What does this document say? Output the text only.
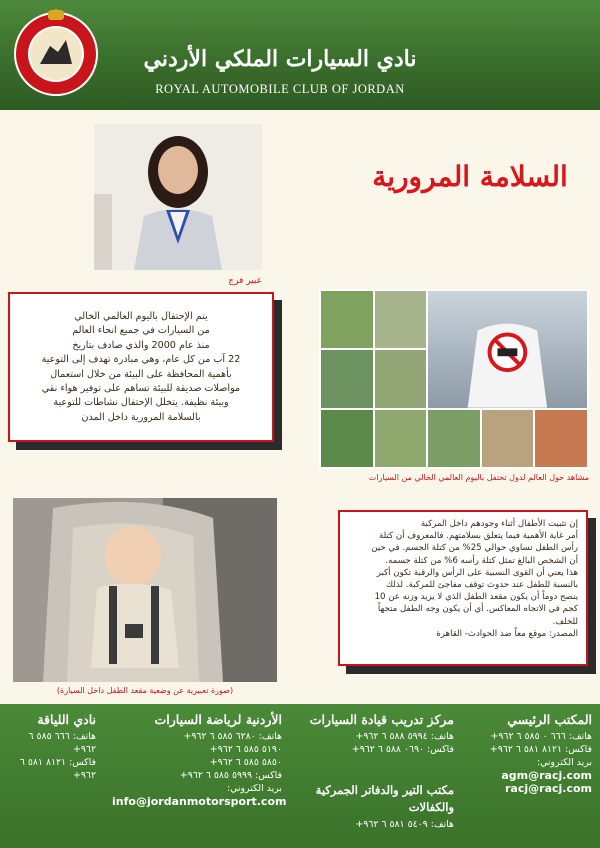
نادي السيارات الملكي الأردني
ROYAL AUTOMOBILE CLUB OF JORDAN
عبير فرج
السلامة المرورية

يتم الإحتفال باليوم العالمي الخالي
من السيارات في جميع انحاء العالم
منذ عام 2000 والذي صادف بتاريخ
22 آب من كل عام، وهي مبادرة تهدف إلى التوعية
بأهمية المحافظة على البيئة من خلال استعمال
مواصلات صديقة للبيئة تساهم على توفير هواء نقي
وبيئة نظيفة. يتخلل الإحتفال نشاطات للتوعية
بالسلامة المرورية داخل المدن

مشاهد حول العالم لدول تحتفل باليوم العالمي الخالي من السيارات
(صورة تعبيرية عن وضعية مقعد الطفل داخل السيارة)

إن تثبيت الأطفال أثناء وجودهم داخل المركبة
أمر غاية الأهمية فيما يتعلق بسلامتهم. فالمعروف أن كتلة
رأس الطفل تساوي حوالي 25% من كتلة الجسم. في حين
أن الشخص البالغ تمثل كتلة رأسه 6% من كتلة جسمه.
هذا يعني أن القوى النسبية على الرأس والرقبة تكون أكبر
بالنسبة للطفل عند حدوث توقف مفاجئ للمركبة. لذلك
ينصح دوماً أن يكون مقعد الطفل الذي لا يزيد وزنه عن 10
كجم في الاتجاه المعاكس. أي أن يكون وجه الطفل متجهاً
للخلف.
المصدر: موقع معاً ضد الحوادث- القاهرة

المكتب الرئيسي
هاتف: ٦٦٦ ٠ ٥٨٥ ٦ ٩٦٢+
فاكس: ٨١٢١ ٥٨١ ٦ ٩٦٢+
بريد الكتروني:
agm@racj.com
racj@racj.com
مركز تدريب قيادة السيارات
هاتف: ٥٩٩٤ ٥٨٨ ٦ ٩٦٢+
فاكس: ٠٦٩٠ ٥٨٨ ٦ ٩٦٢+
مكتب التير والدفاتر الجمركية والكفالات
هاتف: ٥٤٠٩ ٥٨١ ٦ ٩٦٢+
الأردنية لرياضة السيارات
هاتف: ٦٢٨٠ ٥٨٥ ٦ ٩٦٢+
٥١٩٠ ٥٨٥ ٦ ٩٦٢+
٥٨٥٠ ٥٨٥ ٦ ٩٦٢+
فاكس: ٥٩٩٩ ٥٨٥ ٦ ٩٦٢+
بريد الكتروني:
info@jordanmotorsport.com
نادي اللياقة
هاتف: ٦٦٦ ٥٨٥ ٦ ٩٦٢+
فاكس: ٨١٢١ ٥٨١ ٦ ٩٦٢+
